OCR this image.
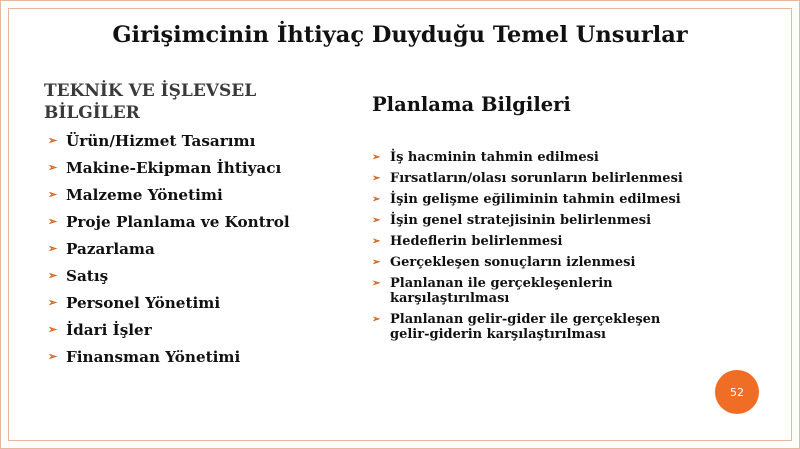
Girişimcinin İhtiyaç Duyduğu Temel Unsurlar
TEKNİK VE İŞLEVSEL BİLGİLER
➢ Ürün/Hizmet Tasarımı
➢ Makine-Ekipman İhtiyacı
➢ Malzeme Yönetimi
➢ Proje Planlama ve Kontrol
➢ Pazarlama
➢ Satış
➢ Personel Yönetimi
➢ İdari İşler
➢ Finansman Yönetimi
Planlama Bilgileri
➢ İş hacminin tahmin edilmesi
➢ Fırsatların/olası sorunların belirlenmesi
➢ İşin gelişme eğiliminin tahmin edilmesi
➢ İşin genel stratejisinin belirlenmesi
➢ Hedeflerin belirlenmesi
➢ Gerçekleşen sonuçların izlenmesi
➢ Planlanan ile gerçekleşenlerin karşılaştırılması
➢ Planlanan gelir-gider ile gerçekleşen gelir-giderin karşılaştırılması
52
